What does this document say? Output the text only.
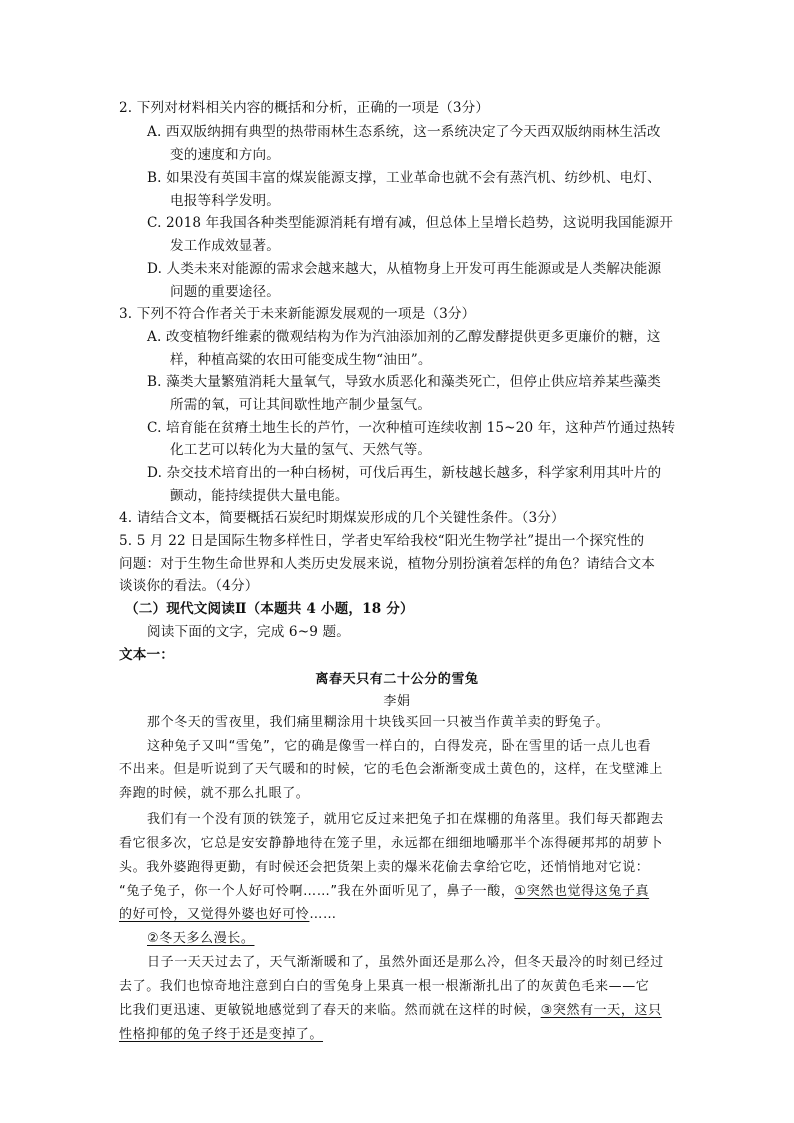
2. 下列对材料相关内容的概括和分析，正确的一项是（3分）
A. 西双版纳拥有典型的热带雨林生态系统，这一系统决定了今天西双版纳雨林生活改
变的速度和方向。
B. 如果没有英国丰富的煤炭能源支撑，工业革命也就不会有蒸汽机、纺纱机、电灯、
电报等科学发明。
C. 2018 年我国各种类型能源消耗有增有减，但总体上呈增长趋势，这说明我国能源开
发工作成效显著。
D. 人类未来对能源的需求会越来越大，从植物身上开发可再生能源或是人类解决能源
问题的重要途径。
3. 下列不符合作者关于未来新能源发展观的一项是（3分）
A. 改变植物纤维素的微观结构为作为汽油添加剂的乙醇发酵提供更多更廉价的糖，这
样，种植高粱的农田可能变成生物“油田”。
B. 藻类大量繁殖消耗大量氧气，导致水质恶化和藻类死亡，但停止供应培养某些藻类
所需的氧，可让其间歇性地产制少量氢气。
C. 培育能在贫瘠土地生长的芦竹，一次种植可连续收割 15~20 年，这种芦竹通过热转
化工艺可以转化为大量的氢气、天然气等。
D. 杂交技术培育出的一种白杨树，可伐后再生，新枝越长越多，科学家利用其叶片的
颤动，能持续提供大量电能。
4. 请结合文本，简要概括石炭纪时期煤炭形成的几个关键性条件。（3分）
5. 5 月 22 日是国际生物多样性日，学者史军给我校“阳光生物学社”提出一个探究性的
问题：对于生物生命世界和人类历史发展来说，植物分别扮演着怎样的角色？请结合文本
谈谈你的看法。（4分）
（二）现代文阅读Ⅱ（本题共 4 小题，18 分）
阅读下面的文字，完成 6~9 题。
文本一：
离春天只有二十公分的雪兔
李娟
那个冬天的雪夜里，我们痛里糊涂用十块钱买回一只被当作黄羊卖的野兔子。
这种兔子又叫“雪兔”，它的确是像雪一样白的，白得发亮，卧在雪里的话一点儿也看
不出来。但是听说到了天气暖和的时候，它的毛色会渐渐变成土黄色的，这样，在戈壁滩上
奔跑的时候，就不那么扎眼了。
我们有一个没有顶的铁笼子，就用它反过来把兔子扣在煤棚的角落里。我们每天都跑去
看它很多次，它总是安安静静地待在笼子里，永远都在细细地嚼那半个冻得硬邦邦的胡萝卜
头。我外婆跑得更勤，有时候还会把货架上卖的爆米花偷去拿给它吃，还悄悄地对它说：
“兔子兔子，你一个人好可怜啊……”我在外面听见了，鼻子一酸，①突然也觉得这兔子真
的好可怜，又觉得外婆也好可怜……
②冬天多么漫长。
日子一天天过去了，天气渐渐暖和了，虽然外面还是那么冷，但冬天最冷的时刻已经过
去了。我们也惊奇地注意到白白的雪兔身上果真一根一根渐渐扎出了的灰黄色毛来——它
比我们更迅速、更敏锐地感觉到了春天的来临。然而就在这样的时候，③突然有一天，这只
性格抑郁的兔子终于还是变掉了。
